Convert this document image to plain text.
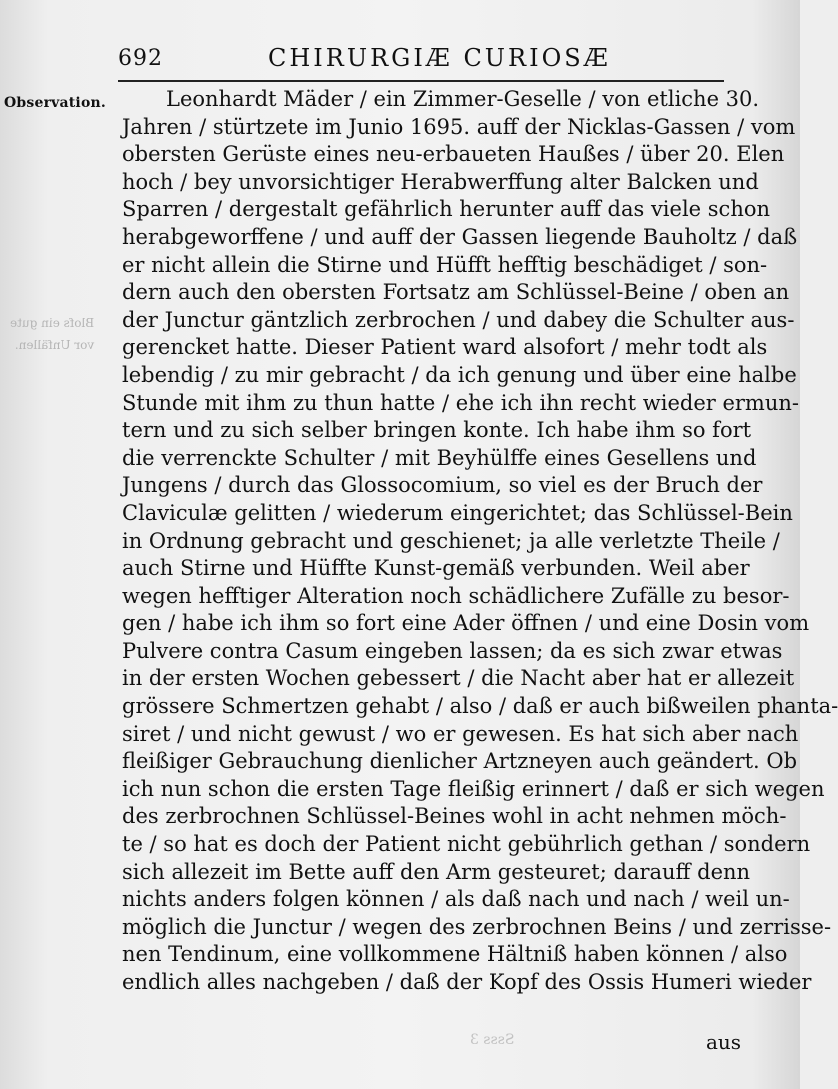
692	CHIRURGIÆ CURIOSÆ
Observation.
Blofs ein gute
vor Unfällen.
Leonhardt Mäder / ein Zimmer-Geselle / von etliche 30.
Jahren / stürtzete im Junio 1695. auff der Nicklas-Gassen / vom
obersten Gerüste eines neu-erbaueten Haußes / über 20. Elen
hoch / bey unvorsichtiger Herabwerffung alter Balcken und
Sparren / dergestalt gefährlich herunter auff das viele schon
herabgeworffene / und auff der Gassen liegende Bauholtz / daß
er nicht allein die Stirne und Hüfft hefftig beschädiget / son-
dern auch den obersten Fortsatz am Schlüssel-Beine / oben an
der Junctur gäntzlich zerbrochen / und dabey die Schulter aus-
gerencket hatte. Dieser Patient ward alsofort / mehr todt als
lebendig / zu mir gebracht / da ich genung und über eine halbe
Stunde mit ihm zu thun hatte / ehe ich ihn recht wieder ermun-
tern und zu sich selber bringen konte. Ich habe ihm so fort
die verrenckte Schulter / mit Beyhülffe eines Gesellens und
Jungens / durch das Glossocomium, so viel es der Bruch der
Claviculæ gelitten / wiederum eingerichtet; das Schlüssel-Bein
in Ordnung gebracht und geschienet; ja alle verletzte Theile /
auch Stirne und Hüffte Kunst-gemäß verbunden. Weil aber
wegen hefftiger Alteration noch schädlichere Zufälle zu besor-
gen / habe ich ihm so fort eine Ader öffnen / und eine Dosin vom
Pulvere contra Casum eingeben lassen; da es sich zwar etwas
in der ersten Wochen gebessert / die Nacht aber hat er allezeit
grössere Schmertzen gehabt / also / daß er auch bißweilen phanta-
siret / und nicht gewust / wo er gewesen. Es hat sich aber nach
fleißiger Gebrauchung dienlicher Artzneyen auch geändert. Ob
ich nun schon die ersten Tage fleißig erinnert / daß er sich wegen
des zerbrochnen Schlüssel-Beines wohl in acht nehmen möch-
te / so hat es doch der Patient nicht gebührlich gethan / sondern
sich allezeit im Bette auff den Arm gesteuret; darauff denn
nichts anders folgen können / als daß nach und nach / weil un-
möglich die Junctur / wegen des zerbrochnen Beins / und zerrisse-
nen Tendinum, eine vollkommene Hältniß haben können / also
endlich alles nachgeben / daß der Kopf des Ossis Humeri wieder
Ssss 3	aus
